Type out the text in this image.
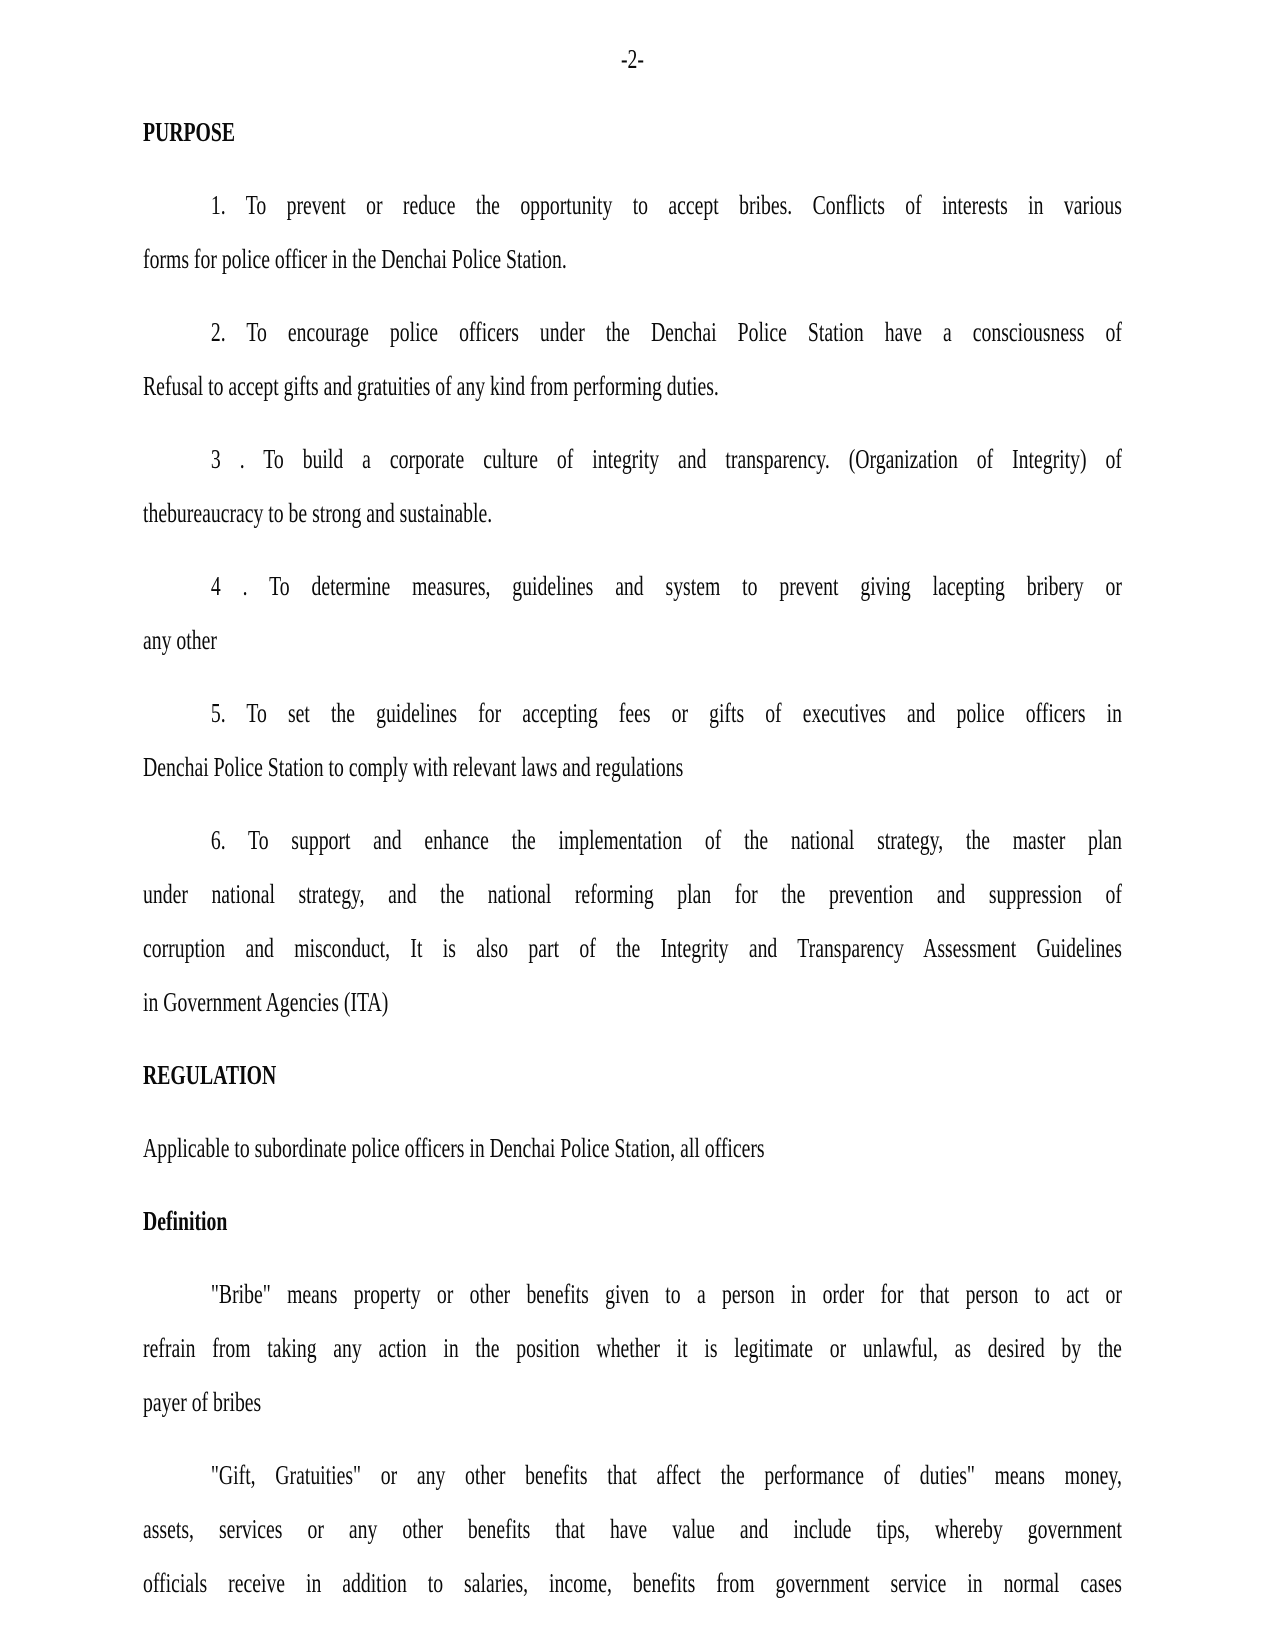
-2-
PURPOSE
1. To prevent or reduce the opportunity to accept bribes. Conflicts of interests in various
forms for police officer in the Denchai Police Station.
2. To encourage police officers under the Denchai Police Station have a consciousness of
Refusal to accept gifts and gratuities of any kind from performing duties.
3 . To build a corporate culture of integrity and transparency. (Organization of Integrity) of
thebureaucracy to be strong and sustainable.
4 . To determine measures, guidelines and system to prevent giving lacepting bribery or
any other
5. To set the guidelines for accepting fees or gifts of executives and police officers in
Denchai Police Station to comply with relevant laws and regulations
6. To support and enhance the implementation of the national strategy, the master plan
under national strategy, and the national reforming plan for the prevention and suppression of
corruption and misconduct, It is also part of the Integrity and Transparency Assessment Guidelines
in Government Agencies (ITA)
REGULATION
Applicable to subordinate police officers in Denchai Police Station, all officers
Definition
"Bribe" means property or other benefits given to a person in order for that person to act or
refrain from taking any action in the position whether it is legitimate or unlawful, as desired by the
payer of bribes
"Gift, Gratuities" or any other benefits that affect the performance of duties" means money,
assets, services or any other benefits that have value and include tips, whereby government
officials receive in addition to salaries, income, benefits from government service in normal cases
